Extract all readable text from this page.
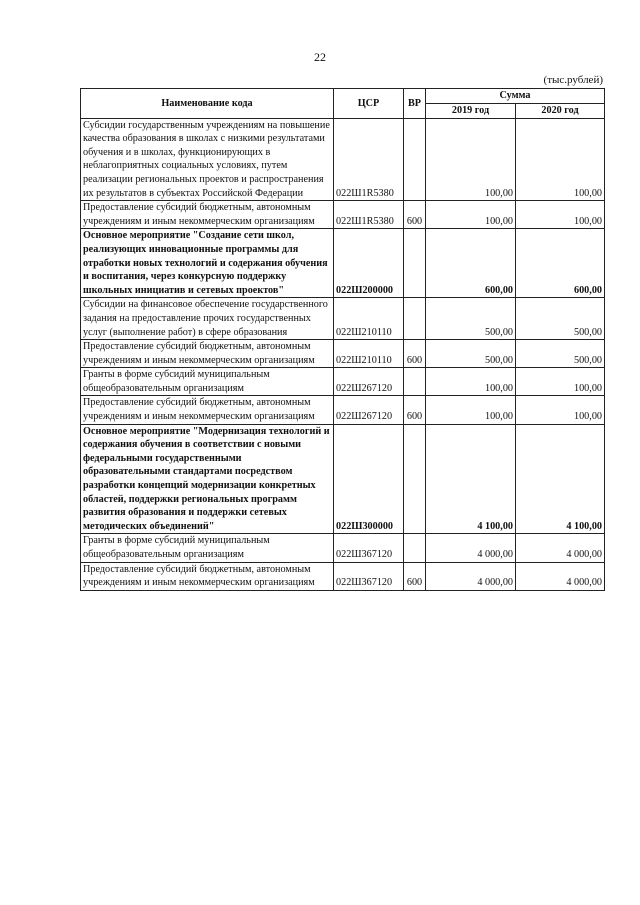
22
(тыс.рублей)
Наименование кода	ЦСР	ВР	Сумма	
			2019 год	2020 год
Субсидии государственным учреждениям на повышение качества образования в школах с низкими результатами обучения и в школах, функционирующих в неблагоприятных социальных условиях, путем реализации региональных проектов и распространения их результатов в субъектах Российской Федерации	022Ш1R5380		100,00	100,00
Предоставление субсидий бюджетным, автономным учреждениям и иным некоммерческим организациям	022Ш1R5380	600	100,00	100,00
Основное мероприятие "Создание сети школ, реализующих инновационные программы для отработки новых технологий и содержания обучения и воспитания, через конкурсную поддержку школьных инициатив и сетевых проектов"	022Ш200000		600,00	600,00
Субсидии на финансовое обеспечение государственного задания на предоставление прочих государственных услуг (выполнение работ) в сфере образования	022Ш210110		500,00	500,00
Предоставление субсидий бюджетным, автономным учреждениям и иным некоммерческим организациям	022Ш210110	600	500,00	500,00
Гранты в форме субсидий муниципальным общеобразовательным организациям	022Ш267120		100,00	100,00
Предоставление субсидий бюджетным, автономным учреждениям и иным некоммерческим организациям	022Ш267120	600	100,00	100,00
Основное мероприятие "Модернизация технологий и содержания обучения в соответствии с новыми федеральными государственными образовательными стандартами посредством разработки концепций модернизации конкретных областей, поддержки региональных программ развития образования и поддержки сетевых методических объединений"	022Ш300000		4 100,00	4 100,00
Гранты в форме субсидий муниципальным общеобразовательным организациям	022Ш367120		4 000,00	4 000,00
Предоставление субсидий бюджетным, автономным учреждениям и иным некоммерческим организациям	022Ш367120	600	4 000,00	4 000,00
